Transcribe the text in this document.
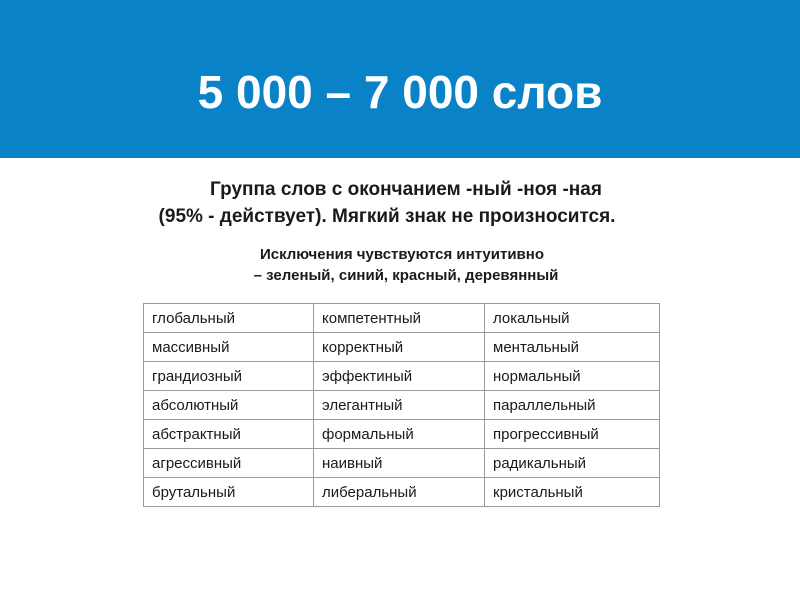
5 000 – 7 000 слов
Группа слов с окончанием -ный -ноя -ная
(95% - действует). Мягкий знак не произносится.
Исключения чувствуются интуитивно
– зеленый, синий, красный, деревянный
глобальный	компетентный	локальный
массивный	корректный	ментальный
грандиозный	эффектиный	нормальный
абсолютный	элегантный	параллельный
абстрактный	формальный	прогрессивный
агрессивный	наивный	радикальный
брутальный	либеральный	кристальный
